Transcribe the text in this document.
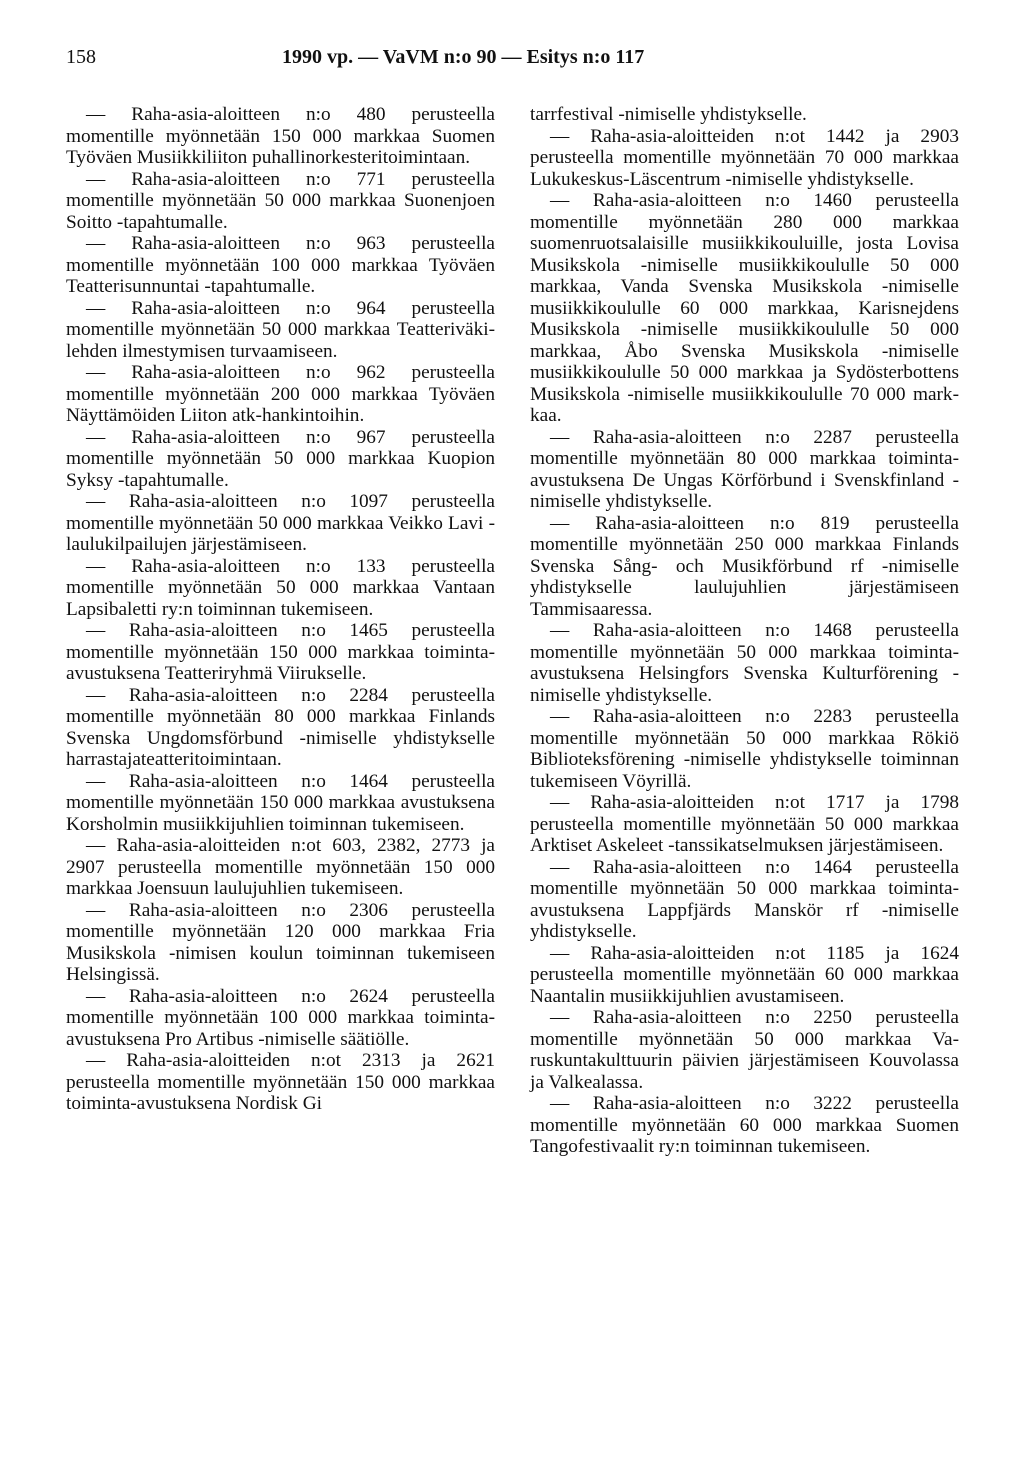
158	1990 vp. — VaVM n:o 90 — Esitys n:o 117

— Raha-asia-aloitteen n:o 480 perusteella momentille myönnetään 150 000 markkaa Suomen Työväen Musiikkiliiton puhallinorkesteritoimintaan.

— Raha-asia-aloitteen n:o 771 perusteella momentille myönnetään 50 000 markkaa Suonenjoen Soitto -tapahtumalle.

— Raha-asia-aloitteen n:o 963 perusteella momentille myönnetään 100 000 markkaa Työväen Teatterisunnuntai -tapahtumalle.

— Raha-asia-aloitteen n:o 964 perusteella momentille myönnetään 50 000 markkaa Teatteriväki-lehden ilmestymisen turvaamiseen.

— Raha-asia-aloitteen n:o 962 perusteella momentille myönnetään 200 000 markkaa Työväen Näyttämöiden Liiton atk-hankintoihin.

— Raha-asia-aloitteen n:o 967 perusteella momentille myönnetään 50 000 markkaa Kuopion Syksy -tapahtumalle.

— Raha-asia-aloitteen n:o 1097 perusteella momentille myönnetään 50 000 markkaa Veikko Lavi -laulukilpailujen järjestämiseen.

— Raha-asia-aloitteen n:o 133 perusteella momentille myönnetään 50 000 markkaa Vantaan Lapsibaletti ry:n toiminnan tukemiseen.

— Raha-asia-aloitteen n:o 1465 perusteella momentille myönnetään 150 000 markkaa toiminta-avustuksena Teatteriryhmä Viirukselle.

— Raha-asia-aloitteen n:o 2284 perusteella momentille myönnetään 80 000 markkaa Finlands Svenska Ungdomsförbund -nimiselle yhdistykselle harrastajateatteritoimintaan.

— Raha-asia-aloitteen n:o 1464 perusteella momentille myönnetään 150 000 markkaa avustuksena Korsholmin musiikkijuhlien toiminnan tukemiseen.

— Raha-asia-aloitteiden n:ot 603, 2382, 2773 ja 2907 perusteella momentille myönnetään 150 000 markkaa Joensuun laulujuhlien tukemiseen.

— Raha-asia-aloitteen n:o 2306 perusteella momentille myönnetään 120 000 markkaa Fria Musikskola -nimisen koulun toiminnan tukemiseen Helsingissä.

— Raha-asia-aloitteen n:o 2624 perusteella momentille myönnetään 100 000 markkaa toiminta-avustuksena Pro Artibus -nimiselle säätiölle.

— Raha-asia-aloitteiden n:ot 2313 ja 2621 perusteella momentille myönnetään 150 000 markkaa toiminta-avustuksena Nordisk Gi

tarrfestival -nimiselle yhdistykselle.

— Raha-asia-aloitteiden n:ot 1442 ja 2903 perusteella momentille myönnetään 70 000 markkaa Lukukeskus-Läscentrum -nimiselle yhdistykselle.

— Raha-asia-aloitteen n:o 1460 perusteella momentille myönnetään 280 000 markkaa suomenruotsalaisille musiikkikouluille, josta Lovisa Musikskola -nimiselle musiikkikoululle 50 000 markkaa, Vanda Svenska Musikskola -nimiselle musiikkikoululle 60 000 markkaa, Karisnejdens Musikskola -nimiselle musiikkikoululle 50 000 markkaa, Åbo Svenska Musikskola -nimiselle musiikkikoululle 50 000 markkaa ja Sydösterbottens Musikskola -nimiselle musiikkikoululle 70 000 markkaa.

— Raha-asia-aloitteen n:o 2287 perusteella momentille myönnetään 80 000 markkaa toiminta-avustuksena De Ungas Körförbund i Svenskfinland -nimiselle yhdistykselle.

— Raha-asia-aloitteen n:o 819 perusteella momentille myönnetään 250 000 markkaa Finlands Svenska Sång- och Musikförbund rf -nimiselle yhdistykselle laulujuhlien järjestämiseen Tammisaaressa.

— Raha-asia-aloitteen n:o 1468 perusteella momentille myönnetään 50 000 markkaa toiminta-avustuksena Helsingfors Svenska Kulturförening -nimiselle yhdistykselle.

— Raha-asia-aloitteen n:o 2283 perusteella momentille myönnetään 50 000 markkaa Rökiö Biblioteksförening -nimiselle yhdistykselle toiminnan tukemiseen Vöyrillä.

— Raha-asia-aloitteiden n:ot 1717 ja 1798 perusteella momentille myönnetään 50 000 markkaa Arktiset Askeleet -tanssikatselmuksen järjestämiseen.

— Raha-asia-aloitteen n:o 1464 perusteella momentille myönnetään 50 000 markkaa toiminta-avustuksena Lappfjärds Manskör rf -nimiselle yhdistykselle.

— Raha-asia-aloitteiden n:ot 1185 ja 1624 perusteella momentille myönnetään 60 000 markkaa Naantalin musiikkijuhlien avustamiseen.

— Raha-asia-aloitteen n:o 2250 perusteella momentille myönnetään 50 000 markkaa Varuskuntakulttuurin päivien järjestämiseen Kouvolassa ja Valkealassa.

— Raha-asia-aloitteen n:o 3222 perusteella momentille myönnetään 60 000 markkaa Suomen Tangofestivaalit ry:n toiminnan tukemiseen.
